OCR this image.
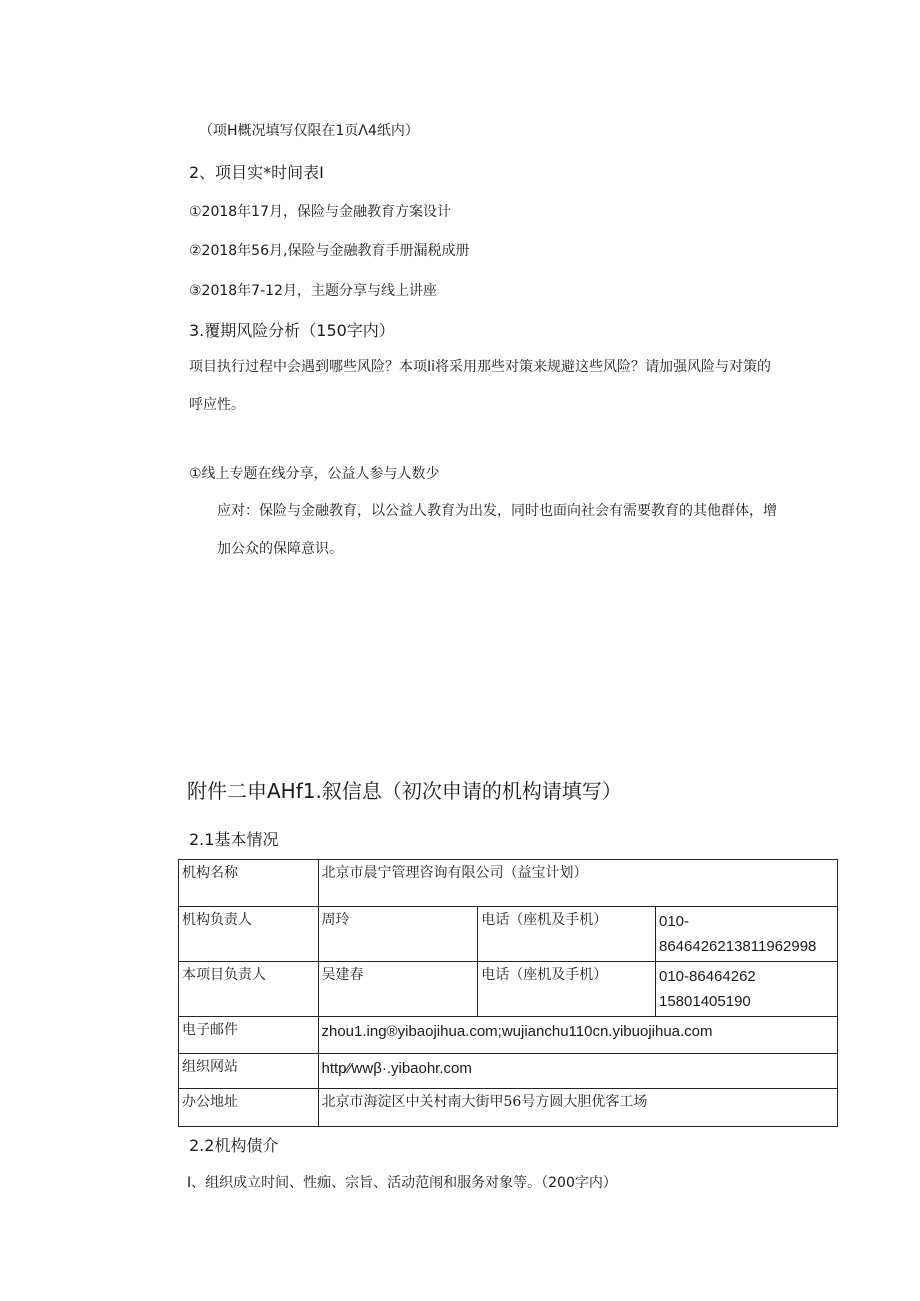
（项H概况填写仅限在1页Λ4纸内）
2、项目实*时间表I
①2018年17月，保险与金融教育方案设计
②2018年56月,保险与金融教育手册漏税成册
③2018年7-12月，主题分享与线上讲座
3.覆期风险分析（150字内）
项目执行过程中会遇到哪些风险？本项Ii将采用那些对策来规避这些风险？请加强风险与对策的
呼应性。
①线上专题在线分享，公益人参与人数少
应对：保险与金融教育，以公益人教育为出发，同时也面向社会有需要教育的其他群体，增
加公众的保障意识。
附件二申AHf1.叙信息（初次申请的机构请填写）
2.1基本情况
机构名称	北京市晨宁管理咨询有限公司（益宝计划）		
机构负责人	周玲	电话（座机及手机）	010-
8646426213811962998

本项目负责人	吴建春	电话（座机及手机）	010-86464262
15801405190

电子邮件	zhou1.ing®yibaojihua.com;wujianchu110cn.yibuojihua.com		
组织网站	http⁄⁄wwβ·.yibaohr.com		
办公地址	北京市海淀区中关村南大街甲56号方圆大胆优客工场		
2.2机构债介
I、组织成立时间、性痂、宗旨、活动范闱和服务对象等。（200字内）
